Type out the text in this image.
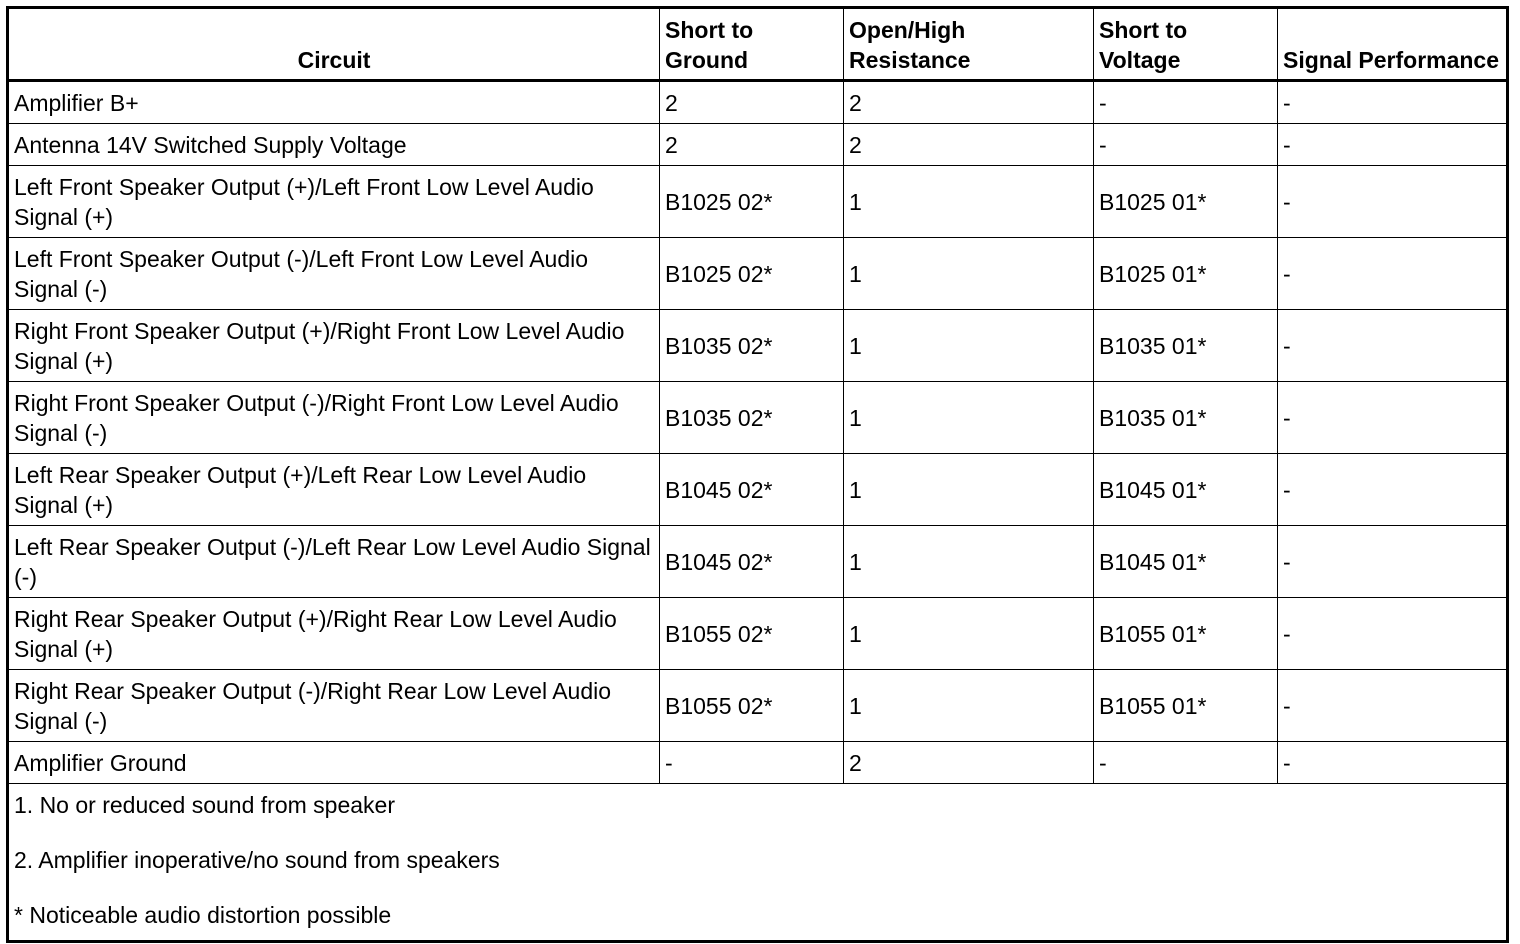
Circuit	Short to Ground	Open/High Resistance	Short to Voltage	Signal Performance
Amplifier B+	2	2	-	-
Antenna 14V Switched Supply Voltage	2	2	-	-
Left Front Speaker Output (+)/Left Front Low Level Audio Signal (+)	B1025 02*	1	B1025 01*	-
Left Front Speaker Output (-)/Left Front Low Level Audio Signal (-)	B1025 02*	1	B1025 01*	-
Right Front Speaker Output (+)/Right Front Low Level Audio Signal (+)	B1035 02*	1	B1035 01*	-
Right Front Speaker Output (-)/Right Front Low Level Audio Signal (-)	B1035 02*	1	B1035 01*	-
Left Rear Speaker Output (+)/Left Rear Low Level Audio Signal (+)	B1045 02*	1	B1045 01*	-
Left Rear Speaker Output (-)/Left Rear Low Level Audio Signal (-)	B1045 02*	1	B1045 01*	-
Right Rear Speaker Output (+)/Right Rear Low Level Audio Signal (+)	B1055 02*	1	B1055 01*	-
Right Rear Speaker Output (-)/Right Rear Low Level Audio Signal (-)	B1055 02*	1	B1055 01*	-
Amplifier Ground	-	2	-	-

1. No or reduced sound from speaker
2. Amplifier inoperative/no sound from speakers
* Noticeable audio distortion possible				
